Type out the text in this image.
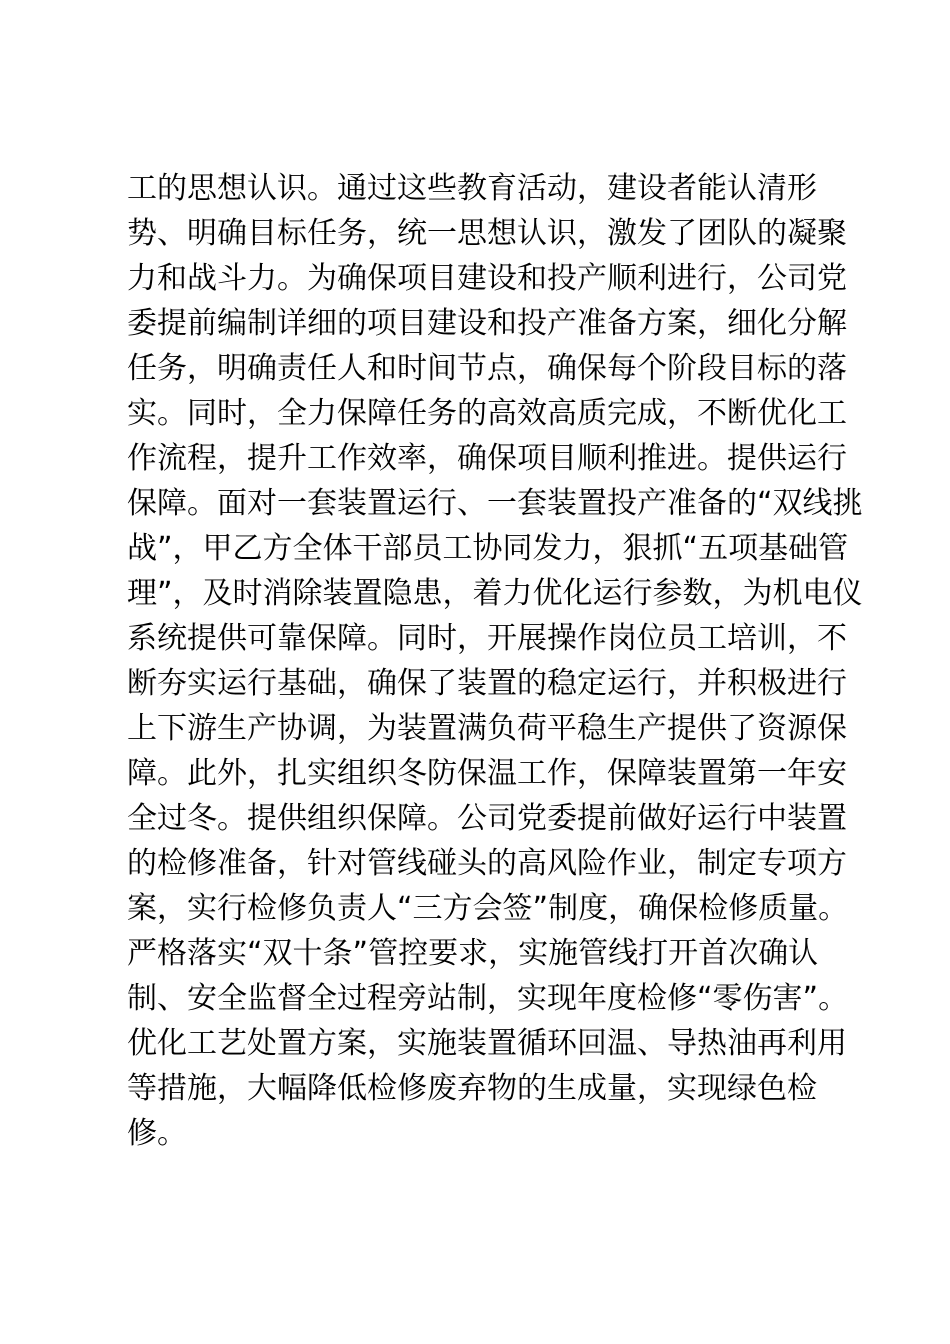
工的思想认识。通过这些教育活动，建设者能认清形
势、明确目标任务，统一思想认识，激发了团队的凝聚
力和战斗力。为确保项目建设和投产顺利进行，公司党
委提前编制详细的项目建设和投产准备方案，细化分解
任务，明确责任人和时间节点，确保每个阶段目标的落
实。同时，全力保障任务的高效高质完成，不断优化工
作流程，提升工作效率，确保项目顺利推进。提供运行
保障。面对一套装置运行、一套装置投产准备的“双线挑
战”，甲乙方全体干部员工协同发力，狠抓“五项基础管
理”，及时消除装置隐患，着力优化运行参数，为机电仪
系统提供可靠保障。同时，开展操作岗位员工培训，不
断夯实运行基础，确保了装置的稳定运行，并积极进行
上下游生产协调，为装置满负荷平稳生产提供了资源保
障。此外，扎实组织冬防保温工作，保障装置第一年安
全过冬。提供组织保障。公司党委提前做好运行中装置
的检修准备，针对管线碰头的高风险作业，制定专项方
案，实行检修负责人“三方会签”制度，确保检修质量。
严格落实“双十条”管控要求，实施管线打开首次确认
制、安全监督全过程旁站制，实现年度检修“零伤害”。
优化工艺处置方案，实施装置循环回温、导热油再利用
等措施，大幅降低检修废弃物的生成量，实现绿色检
修。
